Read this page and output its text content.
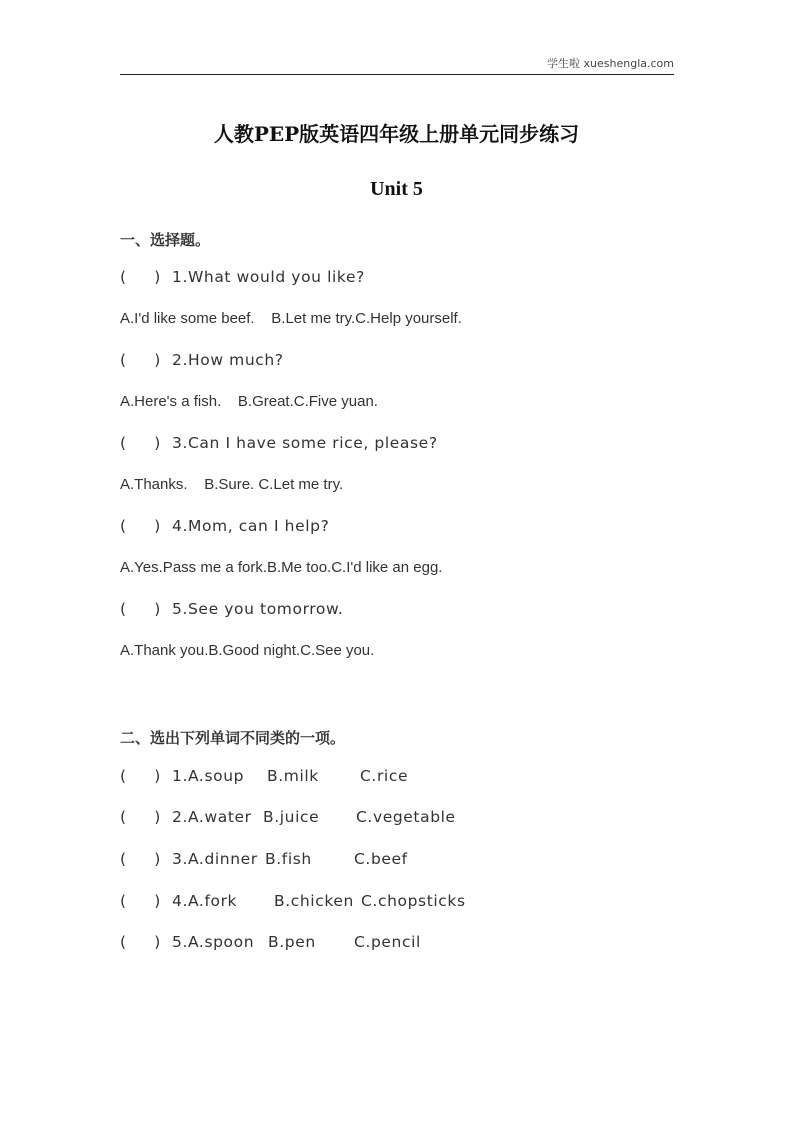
学生啦 xueshengla.com
人教PEP版英语四年级上册单元同步练习
Unit 5
一、选择题。
(     ) 1.What would you like?
A.I'd like some beef.    B.Let me try.C.Help yourself.
(     ) 2.How much?
A.Here's a fish.    B.Great.C.Five yuan.
(     ) 3.Can I have some rice, please?
A.Thanks.    B.Sure. C.Let me try.
(     ) 4.Mom, can I help?
A.Yes.Pass me a fork.B.Me too.C.I'd like an egg.
(     ) 5.See you tomorrow.
A.Thank you.B.Good night.C.See you.
二、选出下列单词不同类的一项。
(     ) 1.A.soup B.milk	C.rice
(     ) 2.A.water B.juice C.vegetable
(     ) 3.A.dinner B.fish	C.beef
(     ) 4.A.fork B.chicken C.chopsticks
(     ) 5.A.spoon B.pen C.pencil
